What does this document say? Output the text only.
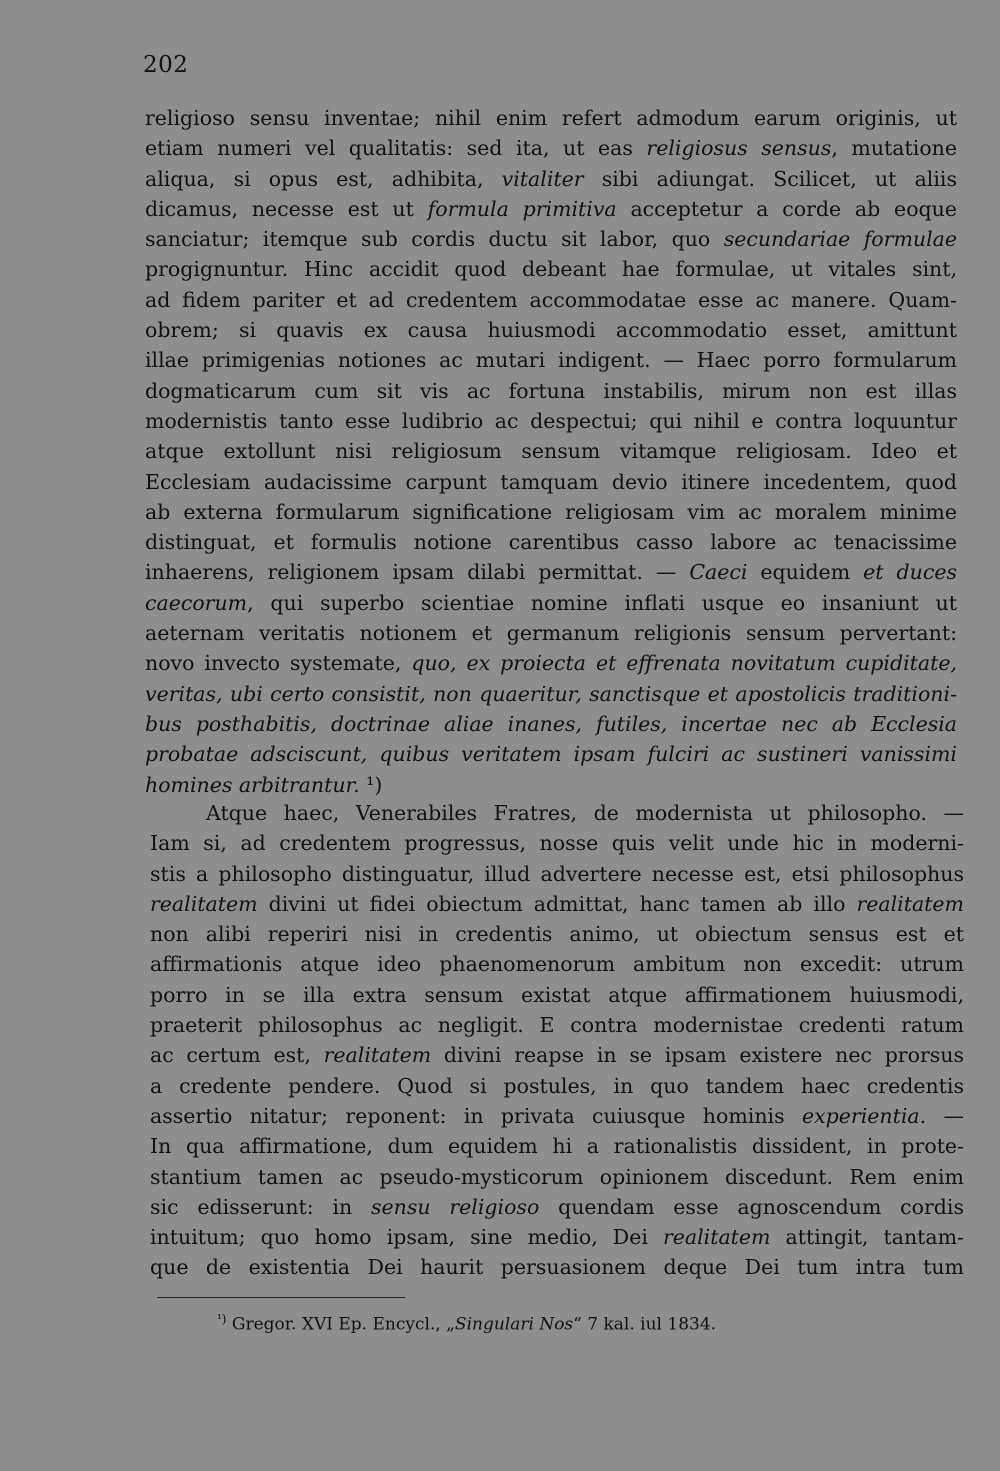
202
religioso sensu inventae; nihil enim refert admodum earum originis, ut
etiam numeri vel qualitatis: sed ita, ut eas religiosus sensus, mutatione
aliqua, si opus est, adhibita, vitaliter sibi adiungat. Scilicet, ut aliis
dicamus, necesse est ut formula primitiva acceptetur a corde ab eoque
sanciatur; itemque sub cordis ductu sit labor, quo secundariae formulae
progignuntur. Hinc accidit quod debeant hae formulae, ut vitales sint,
ad fidem pariter et ad credentem accommodatae esse ac manere. Quam-
obrem; si quavis ex causa huiusmodi accommodatio esset, amittunt
illae primigenias notiones ac mutari indigent. — Haec porro formularum
dogmaticarum cum sit vis ac fortuna instabilis, mirum non est illas
modernistis tanto esse ludibrio ac despectui; qui nihil e contra loquuntur
atque extollunt nisi religiosum sensum vitamque religiosam. Ideo et
Ecclesiam audacissime carpunt tamquam devio itinere incedentem, quod
ab externa formularum significatione religiosam vim ac moralem minime
distinguat, et formulis notione carentibus casso labore ac tenacissime
inhaerens, religionem ipsam dilabi permittat. — Caeci equidem et duces
caecorum, qui superbo scientiae nomine inflati usque eo insaniunt ut
aeternam veritatis notionem et germanum religionis sensum pervertant:
novo invecto systemate, quo, ex proiecta et effrenata novitatum cupiditate,
veritas, ubi certo consistit, non quaeritur, sanctisque et apostolicis traditioni-
bus posthabitis, doctrinae aliae inanes, futiles, incertae nec ab Ecclesia
probatae adsciscunt, quibus veritatem ipsam fulciri ac sustineri vanissimi
homines arbitrantur. ¹)
Atque haec, Venerabiles Fratres, de modernista ut philosopho. —
Iam si, ad credentem progressus, nosse quis velit unde hic in moderni-
stis a philosopho distinguatur, illud advertere necesse est, etsi philosophus
realitatem divini ut fidei obiectum admittat, hanc tamen ab illo realitatem
non alibi reperiri nisi in credentis animo, ut obiectum sensus est et
affirmationis atque ideo phaenomenorum ambitum non excedit: utrum
porro in se illa extra sensum existat atque affirmationem huiusmodi,
praeterit philosophus ac negligit. E contra modernistae credenti ratum
ac certum est, realitatem divini reapse in se ipsam existere nec prorsus
a credente pendere. Quod si postules, in quo tandem haec credentis
assertio nitatur; reponent: in privata cuiusque hominis experientia. —
In qua affirmatione, dum equidem hi a rationalistis dissident, in prote-
stantium tamen ac pseudo-mysticorum opinionem discedunt. Rem enim
sic edisserunt: in sensu religioso quendam esse agnoscendum cordis
intuitum; quo homo ipsam, sine medio, Dei realitatem attingit, tantam-
que de existentia Dei haurit persuasionem deque Dei tum intra tum
$^{^1)}$ Gregor. XVI Ep. Encycl., „Singulari Nos“ 7 kal. iul 1834.
